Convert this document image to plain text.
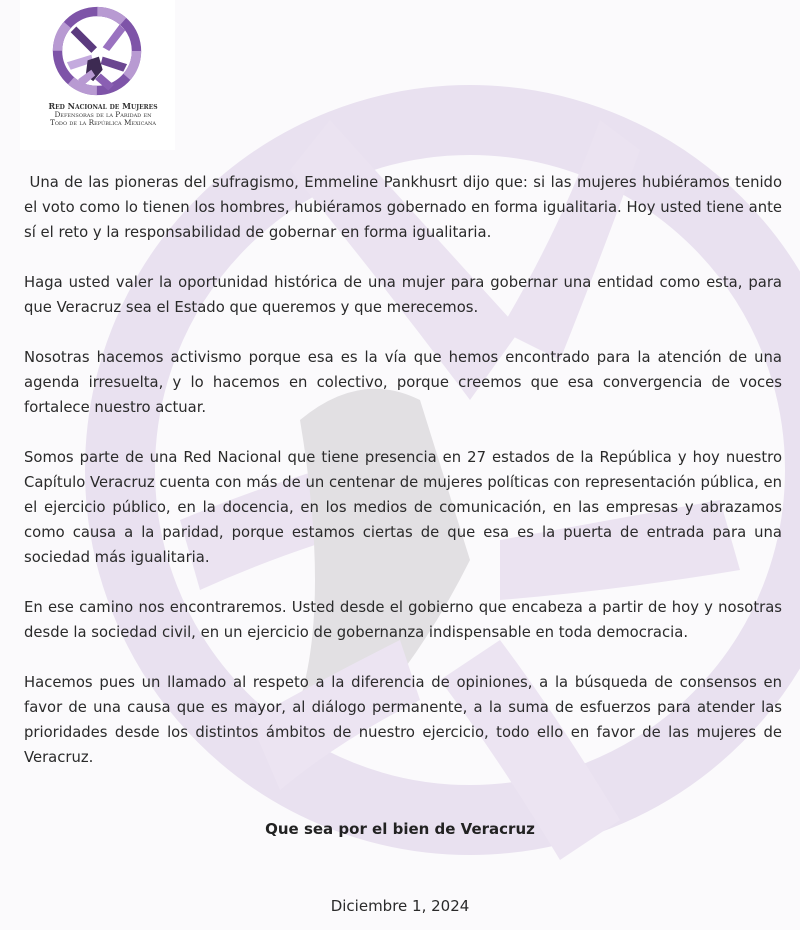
Red Nacional de Mujeres
Defensoras de la Paridad en
Todo de la República Mexicana

Una de las pioneras del sufragismo, Emmeline Pankhusrt dijo que: si las mujeres hubiéramos tenido el voto como lo tienen los hombres, hubiéramos gobernado en forma igualitaria. Hoy usted tiene ante sí el reto y la responsabilidad de gobernar en forma igualitaria.

Haga usted valer la oportunidad histórica de una mujer para gobernar una entidad como esta, para que Veracruz sea el Estado que queremos y que merecemos.

Nosotras hacemos activismo porque esa es la vía que hemos encontrado para la atención de una agenda irresuelta, y lo hacemos en colectivo, porque creemos que esa convergencia de voces fortalece nuestro actuar.

Somos parte de una Red Nacional que tiene presencia en 27 estados de la República y hoy nuestro Capítulo Veracruz cuenta con más de un centenar de mujeres políticas con representación pública, en el ejercicio público, en la docencia, en los medios de comunicación, en las empresas y abrazamos como causa a la paridad, porque estamos ciertas de que esa es la puerta de entrada para una sociedad más igualitaria.

En ese camino nos encontraremos. Usted desde el gobierno que encabeza a partir de hoy y nosotras desde la sociedad civil, en un ejercicio de gobernanza indispensable en toda democracia.

Hacemos pues un llamado al respeto a la diferencia de opiniones, a la búsqueda de consensos en favor de una causa que es mayor, al diálogo permanente, a la suma de esfuerzos para atender las prioridades desde los distintos ámbitos de nuestro ejercicio, todo ello en favor de las mujeres de Veracruz.

Que sea por el bien de Veracruz
Diciembre 1, 2024
